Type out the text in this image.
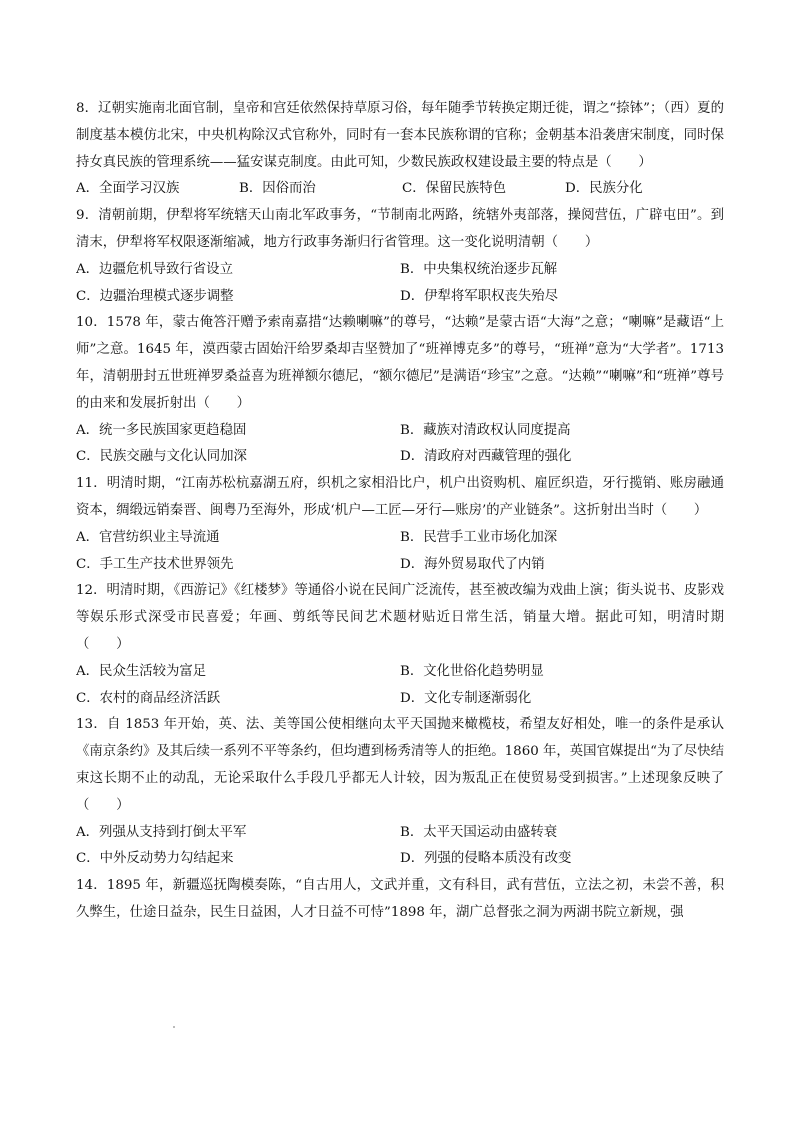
8．辽朝实施南北面官制，皇帝和宫廷依然保持草原习俗，每年随季节转换定期迁徙，谓之“捺钵”；（西）夏的制度基本模仿北宋，中央机构除汉式官称外，同时有一套本民族称谓的官称；金朝基本沿袭唐宋制度，同时保持女真民族的管理系统——猛安谋克制度。由此可知，少数民族政权建设最主要的特点是（　　）

A．全面学习汉族	B．因俗而治	C．保留民族特色	D．民族分化

9．清朝前期，伊犁将军统辖天山南北军政事务，“节制南北两路，统辖外夷部落，操阅营伍，广辟屯田”。到清末，伊犁将军权限逐渐缩减，地方行政事务渐归行省管理。这一变化说明清朝（　　）

A．边疆危机导致行省设立	B．中央集权统治逐步瓦解
C．边疆治理模式逐步调整	D．伊犁将军职权丧失殆尽

10．1578 年，蒙古俺答汗赠予索南嘉措“达赖喇嘛”的尊号，“达赖”是蒙古语“大海”之意；“喇嘛”是藏语“上师”之意。1645 年，漠西蒙古固始汗给罗桑却吉坚赞加了“班禅博克多”的尊号，“班禅”意为“大学者”。1713 年，清朝册封五世班禅罗桑益喜为班禅额尔德尼，“额尔德尼”是满语“珍宝”之意。“达赖”“喇嘛”和“班禅”尊号的由来和发展折射出（　　）

A．统一多民族国家更趋稳固	B．藏族对清政权认同度提高
C．民族交融与文化认同加深	D．清政府对西藏管理的强化

11．明清时期，“江南苏松杭嘉湖五府，织机之家相沿比户，机户出资购机、雇匠织造，牙行揽销、账房融通资本，绸缎远销秦晋、闽粤乃至海外，形成‘机户—工匠—牙行—账房’的产业链条”。这折射出当时（　　）

A．官营纺织业主导流通	B．民营手工业市场化加深
C．手工生产技术世界领先	D．海外贸易取代了内销

12．明清时期，《西游记》《红楼梦》等通俗小说在民间广泛流传，甚至被改编为戏曲上演；街头说书、皮影戏等娱乐形式深受市民喜爱；年画、剪纸等民间艺术题材贴近日常生活，销量大增。据此可知，明清时期（　　）

A．民众生活较为富足	B．文化世俗化趋势明显
C．农村的商品经济活跃	D．文化专制逐渐弱化

13．自 1853 年开始，英、法、美等国公使相继向太平天国抛来橄榄枝，希望友好相处，唯一的条件是承认《南京条约》及其后续一系列不平等条约，但均遭到杨秀清等人的拒绝。1860 年，英国官媒提出“为了尽快结束这长期不止的动乱，无论采取什么手段几乎都无人计较，因为叛乱正在使贸易受到损害。”上述现象反映了（　　）

A．列强从支持到打倒太平军	B．太平天国运动由盛转衰
C．中外反动势力勾结起来	D．列强的侵略本质没有改变

14．1895 年，新疆巡抚陶模奏陈，“自古用人，文武并重，文有科目，武有营伍，立法之初，未尝不善，积久弊生，仕途日益杂，民生日益困，人才日益不可恃”1898 年，湖广总督张之洞为两湖书院立新规，强
